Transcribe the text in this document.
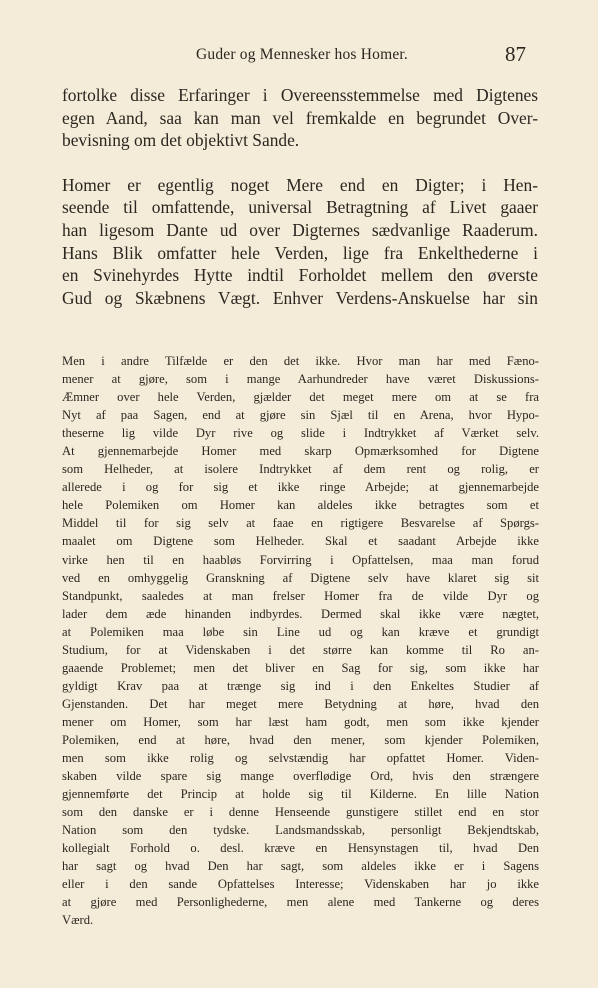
Guder og Mennesker hos Homer.	87
fortolke disse Erfaringer i Overeensstemmelse med Digtenes
egen Aand, saa kan man vel fremkalde en begrundet Over-
bevisning om det objektivt Sande.
Homer er egentlig noget Mere end en Digter; i Hen-
seende til omfattende, universal Betragtning af Livet gaaer
han ligesom Dante ud over Digternes sædvanlige Raaderum.
Hans Blik omfatter hele Verden, lige fra Enkelthederne i
en Svinehyrdes Hytte indtil Forholdet mellem den øverste
Gud og Skæbnens Vægt. Enhver Verdens-Anskuelse har sin
Men i andre Tilfælde er den det ikke. Hvor man har med Fæno-
mener at gjøre, som i mange Aarhundreder have været Diskussions-
Æmner over hele Verden, gjælder det meget mere om at se fra
Nyt af paa Sagen, end at gjøre sin Sjæl til en Arena, hvor Hypo-
theserne lig vilde Dyr rive og slide i Indtrykket af Værket selv.
At gjennemarbejde Homer med skarp Opmærksomhed for Digtene
som Helheder, at isolere Indtrykket af dem rent og rolig, er
allerede i og for sig et ikke ringe Arbejde; at gjennemarbejde
hele Polemiken om Homer kan aldeles ikke betragtes som et
Middel til for sig selv at faae en rigtigere Besvarelse af Spørgs-
maalet om Digtene som Helheder. Skal et saadant Arbejde ikke
virke hen til en haabløs Forvirring i Opfattelsen, maa man forud
ved en omhyggelig Granskning af Digtene selv have klaret sig sit
Standpunkt, saaledes at man frelser Homer fra de vilde Dyr og
lader dem æde hinanden indbyrdes. Dermed skal ikke være nægtet,
at Polemiken maa løbe sin Line ud og kan kræve et grundigt
Studium, for at Videnskaben i det større kan komme til Ro an-
gaaende Problemet; men det bliver en Sag for sig, som ikke har
gyldigt Krav paa at trænge sig ind i den Enkeltes Studier af
Gjenstanden. Det har meget mere Betydning at høre, hvad den
mener om Homer, som har læst ham godt, men som ikke kjender
Polemiken, end at høre, hvad den mener, som kjender Polemiken,
men som ikke rolig og selvstændig har opfattet Homer. Viden-
skaben vilde spare sig mange overflødige Ord, hvis den strængere
gjennemførte det Princip at holde sig til Kilderne. En lille Nation
som den danske er i denne Henseende gunstigere stillet end en stor
Nation som den tydske. Landsmandsskab, personligt Bekjendtskab,
kollegialt Forhold o. desl. kræve en Hensynstagen til, hvad Den
har sagt og hvad Den har sagt, som aldeles ikke er i Sagens
eller i den sande Opfattelses Interesse; Videnskaben har jo ikke
at gjøre med Personlighederne, men alene med Tankerne og deres
Værd.
